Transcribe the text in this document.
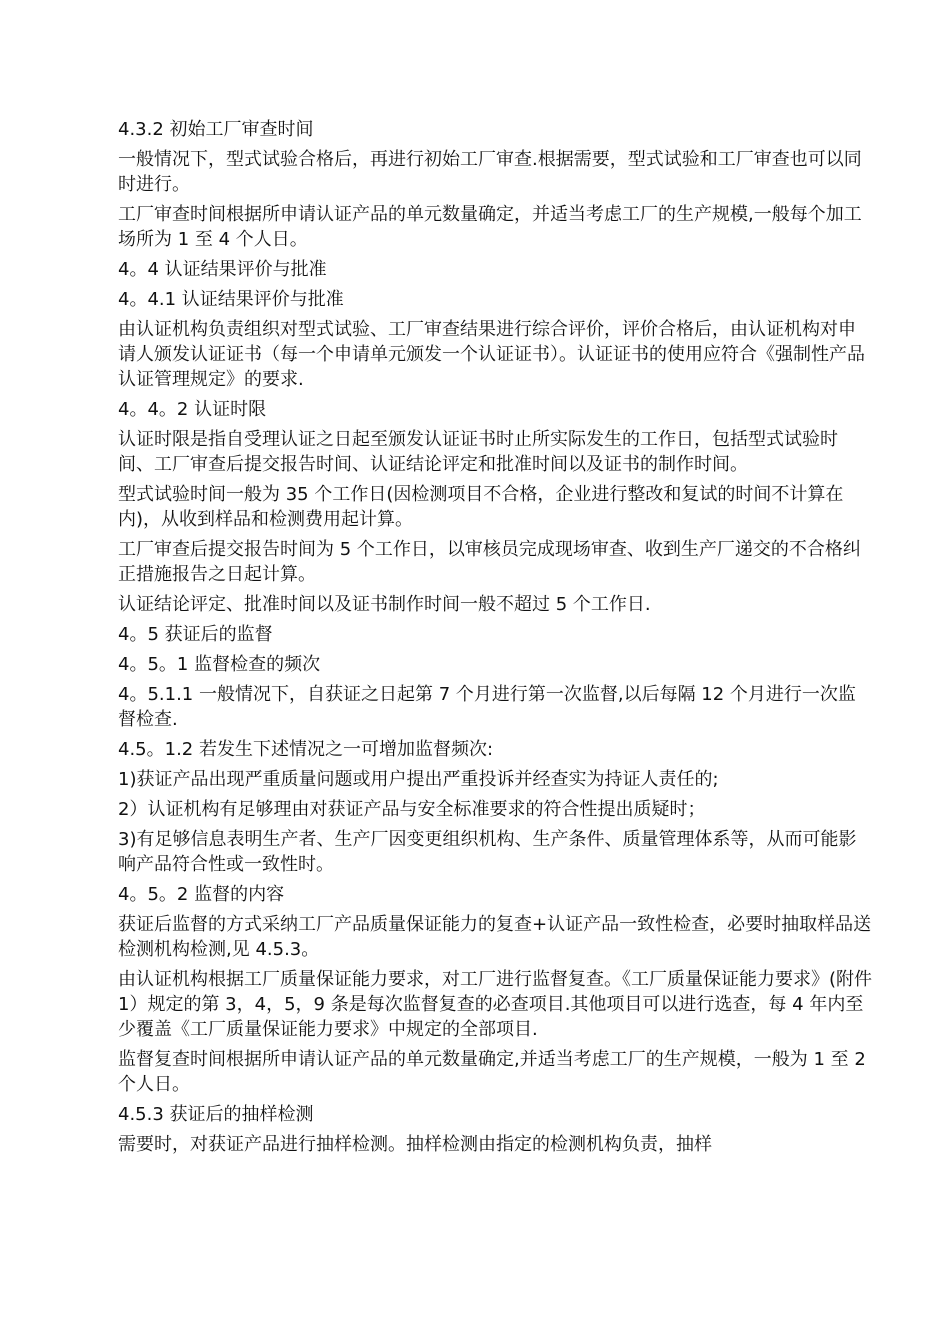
4.3.2 初始工厂审查时间

一般情况下，型式试验合格后，再进行初始工厂审查.根据需要，型式试验和工厂审查也可以同时进行。

工厂审查时间根据所申请认证产品的单元数量确定，并适当考虑工厂的生产规模,一般每个加工场所为 1 至 4 个人日。

4。4 认证结果评价与批准

4。4.1 认证结果评价与批准

由认证机构负责组织对型式试验、工厂审查结果进行综合评价，评价合格后，由认证机构对申请人颁发认证证书（每一个申请单元颁发一个认证证书）。认证证书的使用应符合《强制性产品认证管理规定》的要求.

4。4。2 认证时限

认证时限是指自受理认证之日起至颁发认证证书时止所实际发生的工作日，包括型式试验时间、工厂审查后提交报告时间、认证结论评定和批准时间以及证书的制作时间。

型式试验时间一般为 35 个工作日(因检测项目不合格，企业进行整改和复试的时间不计算在内)，从收到样品和检测费用起计算。

工厂审查后提交报告时间为 5 个工作日，以审核员完成现场审查、收到生产厂递交的不合格纠正措施报告之日起计算。

认证结论评定、批准时间以及证书制作时间一般不超过 5 个工作日.

4。5 获证后的监督

4。5。1 监督检查的频次

4。5.1.1 一般情况下，自获证之日起第 7 个月进行第一次监督,以后每隔 12 个月进行一次监督检查.

4.5。1.2 若发生下述情况之一可增加监督频次:

1)获证产品出现严重质量问题或用户提出严重投诉并经查实为持证人责任的;

2）认证机构有足够理由对获证产品与安全标准要求的符合性提出质疑时；

3)有足够信息表明生产者、生产厂因变更组织机构、生产条件、质量管理体系等，从而可能影响产品符合性或一致性时。

4。5。2 监督的内容

获证后监督的方式采纳工厂产品质量保证能力的复查+认证产品一致性检查，必要时抽取样品送检测机构检测,见 4.5.3。

由认证机构根据工厂质量保证能力要求，对工厂进行监督复查。《工厂质量保证能力要求》(附件 1）规定的第 3，4，5，9 条是每次监督复查的必查项目.其他项目可以进行选查，每 4 年内至少覆盖《工厂质量保证能力要求》中规定的全部项目.

监督复查时间根据所申请认证产品的单元数量确定,并适当考虑工厂的生产规模，一般为 1 至 2 个人日。

4.5.3 获证后的抽样检测

需要时，对获证产品进行抽样检测。抽样检测由指定的检测机构负责，抽样
